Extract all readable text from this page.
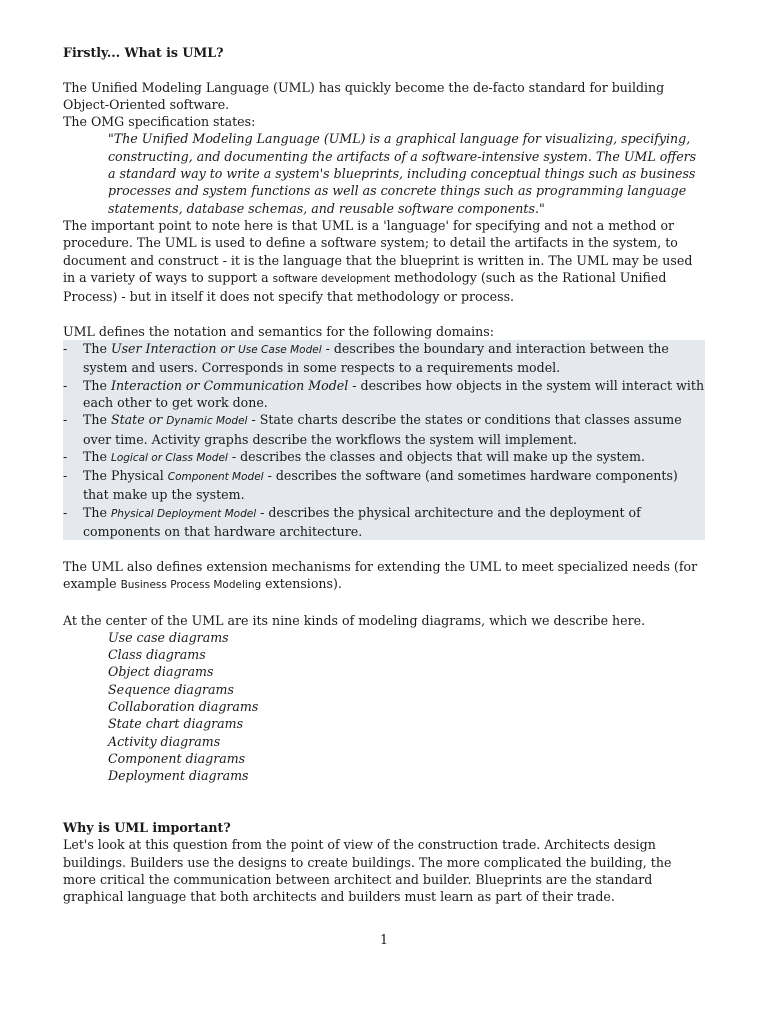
Firstly... What is UML?

The Unified Modeling Language (UML) has quickly become the de-facto standard for building Object-Oriented software.

The OMG specification states:

"The Unified Modeling Language (UML) is a graphical language for visualizing, specifying, constructing, and documenting the artifacts of a software-intensive system. The UML offers a standard way to write a system's blueprints, including conceptual things such as business processes and system functions as well as concrete things such as programming language statements, database schemas, and reusable software components."

The important point to note here is that UML is a 'language' for specifying and not a method or procedure. The UML is used to define a software system; to detail the artifacts in the system, to document and construct - it is the language that the blueprint is written in. The UML may be used in a variety of ways to support a software development methodology (such as the Rational Unified Process) - but in itself it does not specify that methodology or process.

UML defines the notation and semantics for the following domains:

- The User Interaction or Use Case Model - describes the boundary and interaction between the system and users. Corresponds in some respects to a requirements model.
- The Interaction or Communication Model - describes how objects in the system will interact with each other to get work done.
- The State or Dynamic Model - State charts describe the states or conditions that classes assume over time. Activity graphs describe the workflows the system will implement.
- The Logical or Class Model - describes the classes and objects that will make up the system.
- The Physical Component Model - describes the software (and sometimes hardware components) that make up the system.
- The Physical Deployment Model - describes the physical architecture and the deployment of components on that hardware architecture.

The UML also defines extension mechanisms for extending the UML to meet specialized needs (for example Business Process Modeling extensions).

At the center of the UML are its nine kinds of modeling diagrams, which we describe here.

Use case diagrams
Class diagrams
Object diagrams
Sequence diagrams
Collaboration diagrams
State chart diagrams
Activity diagrams
Component diagrams
Deployment diagrams

Why is UML important?

Let's look at this question from the point of view of the construction trade. Architects design buildings. Builders use the designs to create buildings. The more complicated the building, the more critical the communication between architect and builder. Blueprints are the standard graphical language that both architects and builders must learn as part of their trade.

1
